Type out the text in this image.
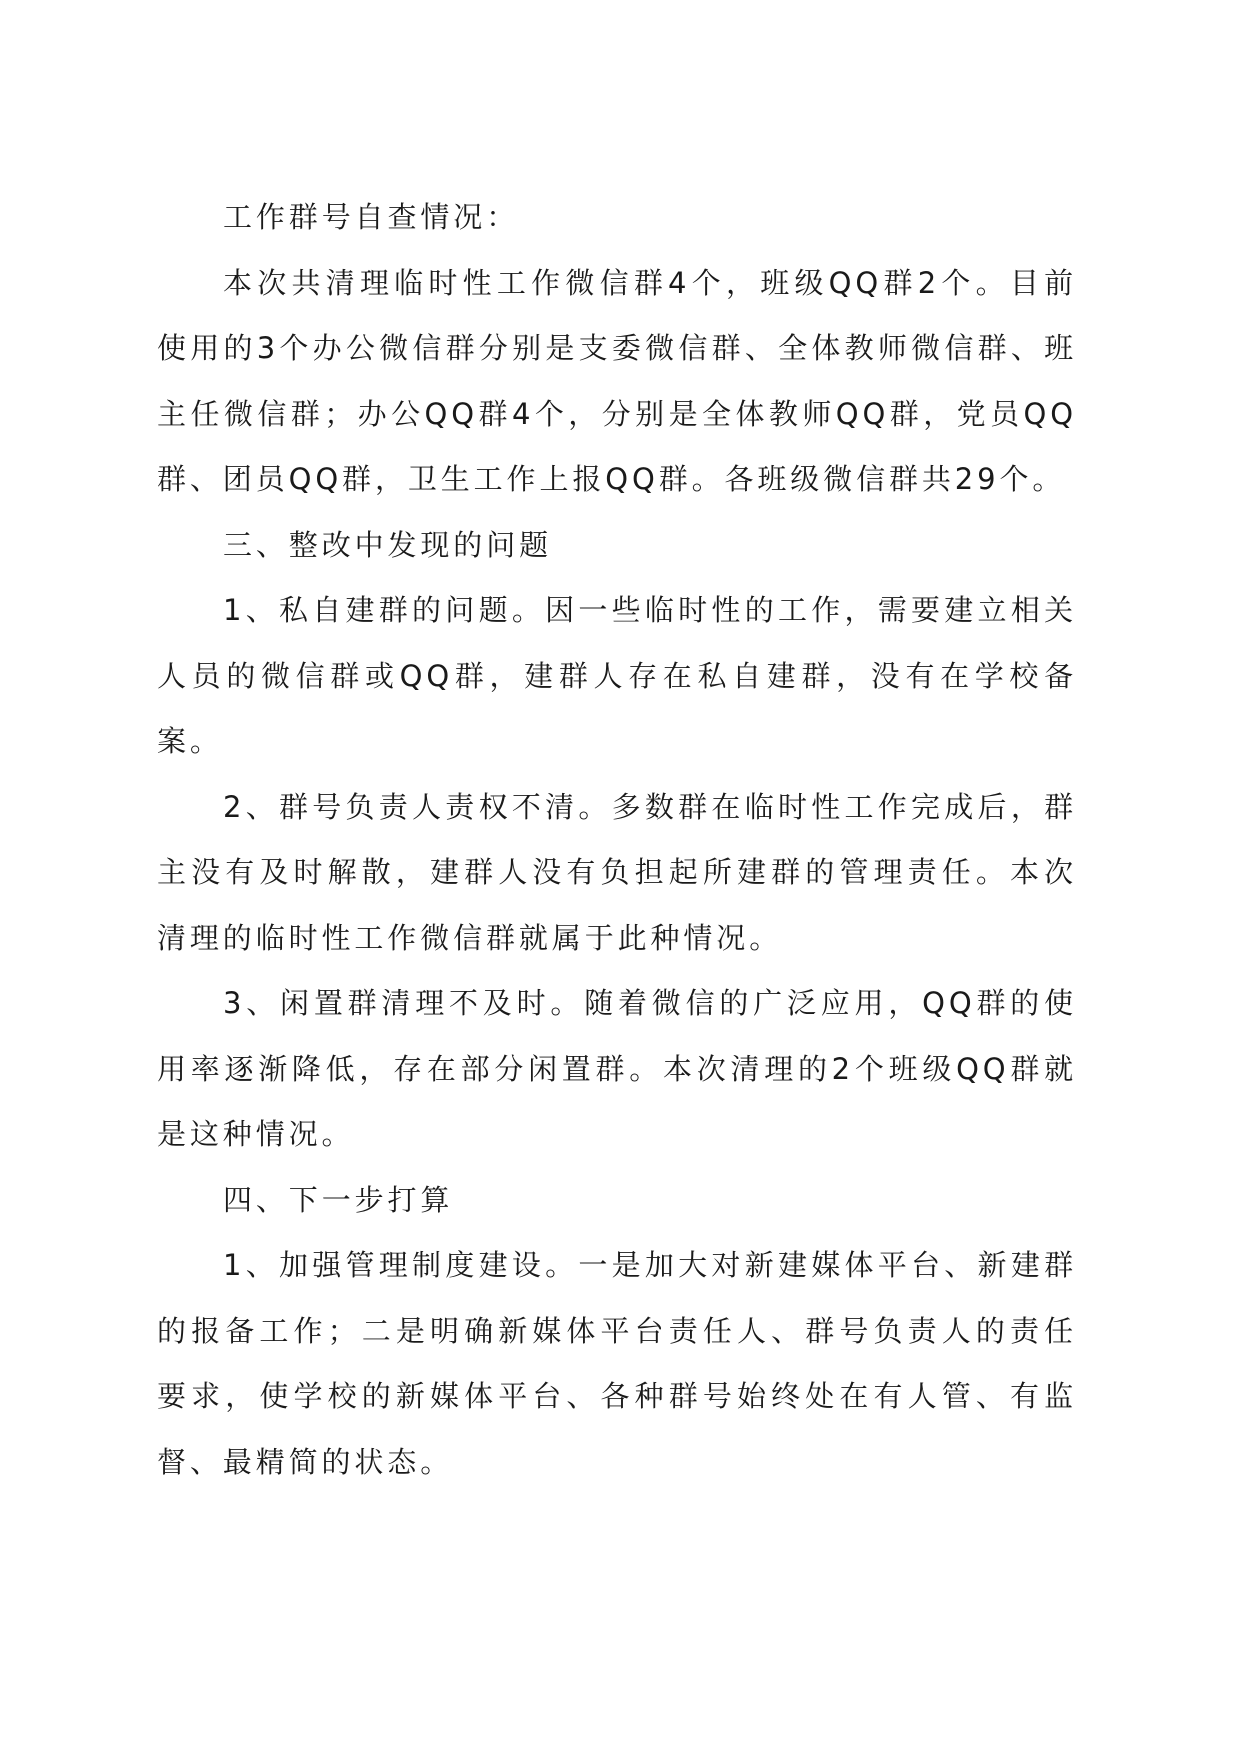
工作群号自查情况：

本次共清理临时性工作微信群4个，班级QQ群2个。目前使用的3个办公微信群分别是支委微信群、全体教师微信群、班主任微信群；办公QQ群4个，分别是全体教师QQ群，党员QQ群、团员QQ群，卫生工作上报QQ群。各班级微信群共29个。

三、整改中发现的问题

1、私自建群的问题。因一些临时性的工作，需要建立相关人员的微信群或QQ群，建群人存在私自建群，没有在学校备案。

2、群号负责人责权不清。多数群在临时性工作完成后，群主没有及时解散，建群人没有负担起所建群的管理责任。本次清理的临时性工作微信群就属于此种情况。

3、闲置群清理不及时。随着微信的广泛应用，QQ群的使用率逐渐降低，存在部分闲置群。本次清理的2个班级QQ群就是这种情况。

四、下一步打算

1、加强管理制度建设。一是加大对新建媒体平台、新建群的报备工作；二是明确新媒体平台责任人、群号负责人的责任要求，使学校的新媒体平台、各种群号始终处在有人管、有监督、最精简的状态。
